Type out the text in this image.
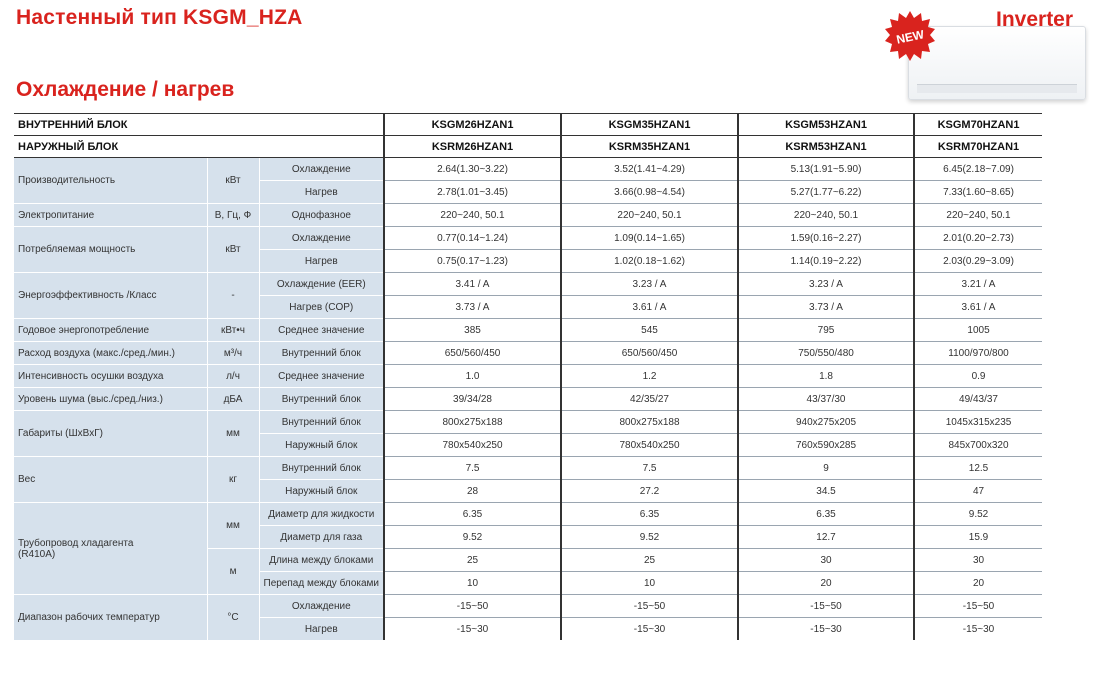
Настенный тип KSGM_HZA
Охлаждение / нагрев
NEW
Inverter
ВНУТРЕННИЙ БЛОК			KSGM26HZAN1	KSGM35HZAN1	KSGM53HZAN1	KSGM70HZAN1
НАРУЖНЫЙ БЛОК			KSRM26HZAN1	KSRM35HZAN1	KSRM53HZAN1	KSRM70HZAN1
Производительность	кВт	Охлаждение	2.64(1.30~3.22)	3.52(1.41~4.29)	5.13(1.91~5.90)	6.45(2.18~7.09)
		Нагрев	2.78(1.01~3.45)	3.66(0.98~4.54)	5.27(1.77~6.22)	7.33(1.60~8.65)
Электропитание	В, Гц, Ф	Однофазное	220~240, 50.1	220~240, 50.1	220~240, 50.1	220~240, 50.1
Потребляемая мощность	кВт	Охлаждение	0.77(0.14~1.24)	1.09(0.14~1.65)	1.59(0.16~2.27)	2.01(0.20~2.73)
		Нагрев	0.75(0.17~1.23)	1.02(0.18~1.62)	1.14(0.19~2.22)	2.03(0.29~3.09)
Энергоэффективность /Класс	-	Охлаждение (EER)	3.41 / A	3.23 / A	3.23 / A	3.21 / A
		Нагрев (COP)	3.73 / A	3.61 / A	3.73 / A	3.61 / A
Годовое энергопотребление	кВт•ч	Среднее значение	385	545	795	1005
Расход воздуха (макс./сред./мин.)	м³/ч	Внутренний блок	650/560/450	650/560/450	750/550/480	1100/970/800
Интенсивность осушки воздуха	л/ч	Среднее значение	1.0	1.2	1.8	0.9
Уровень шума (выс./сред./низ.)	дБА	Внутренний блок	39/34/28	42/35/27	43/37/30	49/43/37
Габариты (ШхВхГ)	мм	Внутренний блок	800x275x188	800x275x188	940x275x205	1045x315x235
		Наружный блок	780x540x250	780x540x250	760x590x285	845x700x320
Вес	кг	Внутренний блок	7.5	7.5	9	12.5
		Наружный блок	28	27.2	34.5	47
Трубопровод хладагента
(R410A)	мм	Диаметр для жидкости	6.35	6.35	6.35	9.52
		Диаметр для газа	9.52	9.52	12.7	15.9
	м	Длина между блоками	25	25	30	30
		Перепад между блоками	10	10	20	20
Диапазон рабочих температур	°C	Охлаждение	-15~50	-15~50	-15~50	-15~50
		Нагрев	-15~30	-15~30	-15~30	-15~30
